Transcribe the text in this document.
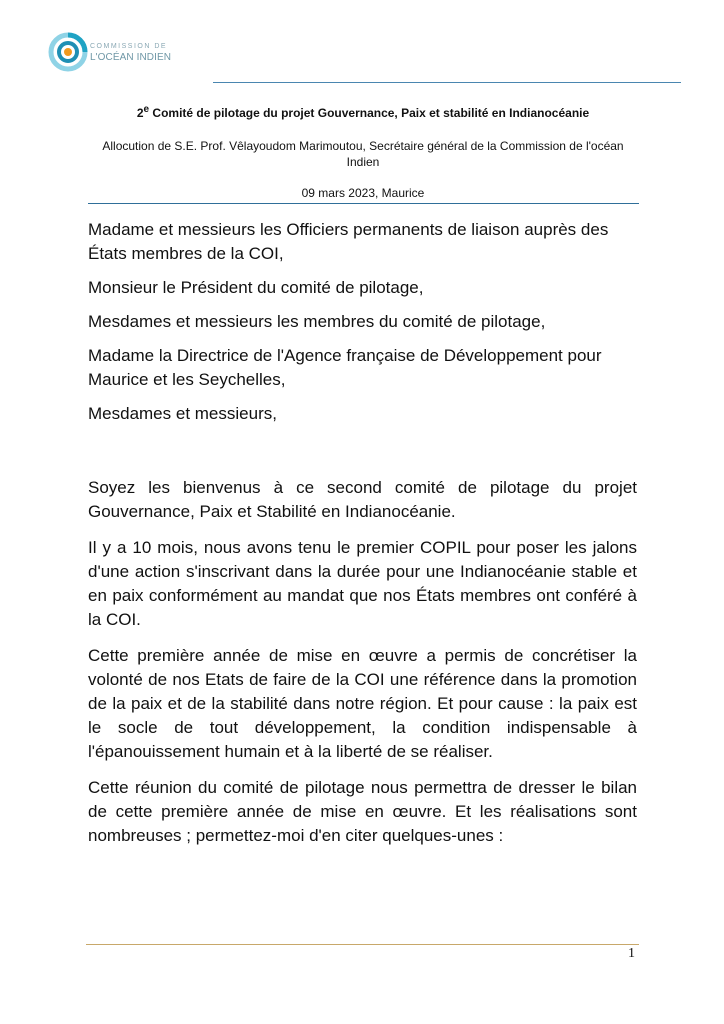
COMMISSION DE
L'OCÉAN INDIEN
2e Comité de pilotage du projet Gouvernance, Paix et stabilité en Indianocéanie
Allocution de S.E. Prof. Vêlayoudom Marimoutou, Secrétaire général de la Commission de l'océan Indien
09 mars 2023, Maurice

Madame et messieurs les Officiers permanents de liaison auprès des États membres de la COI,

Monsieur le Président du comité de pilotage,

Mesdames et messieurs les membres du comité de pilotage,

Madame la Directrice de l'Agence française de Développement pour Maurice et les Seychelles,

Mesdames et messieurs,

Soyez les bienvenus à ce second comité de pilotage du projet Gouvernance, Paix et Stabilité en Indianocéanie.

Il y a 10 mois, nous avons tenu le premier COPIL pour poser les jalons d'une action s'inscrivant dans la durée pour une Indianocéanie stable et en paix conformément au mandat que nos États membres ont conféré à la COI.

Cette première année de mise en œuvre a permis de concrétiser la volonté de nos Etats de faire de la COI une référence dans la promotion de la paix et de la stabilité dans notre région. Et pour cause : la paix est le socle de tout développement, la condition indispensable à l'épanouissement humain et à la liberté de se réaliser.

Cette réunion du comité de pilotage nous permettra de dresser le bilan de cette première année de mise en œuvre. Et les réalisations sont nombreuses ; permettez-moi d'en citer quelques-unes :

1
